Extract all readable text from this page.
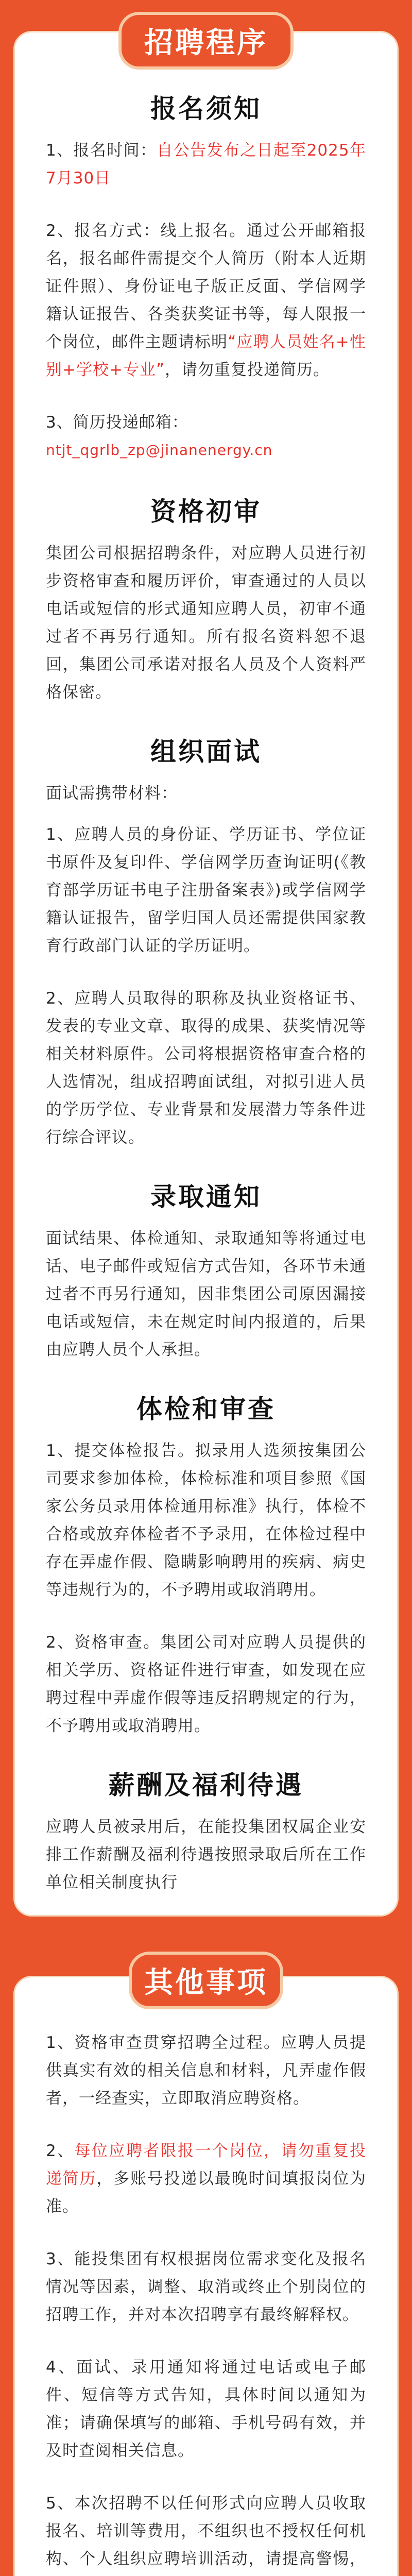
招聘程序
报名须知

1、报名时间：自公告发布之日起至2025年7月30日

2、报名方式：线上报名。通过公开邮箱报名，报名邮件需提交个人简历（附本人近期证件照）、身份证电子版正反面、学信网学籍认证报告、各类获奖证书等，每人限报一个岗位，邮件主题请标明“应聘人员姓名+性别+学校+专业”，请勿重复投递简历。

3、简历投递邮箱：

ntjt_qgrlb_zp@jinanenergy.cn

资格初审

集团公司根据招聘条件，对应聘人员进行初步资格审查和履历评价，审查通过的人员以电话或短信的形式通知应聘人员，初审不通过者不再另行通知。所有报名资料恕不退回，集团公司承诺对报名人员及个人资料严格保密。

组织面试

面试需携带材料：

1、应聘人员的身份证、学历证书、学位证书原件及复印件、学信网学历查询证明(《教育部学历证书电子注册备案表》)或学信网学籍认证报告，留学归国人员还需提供国家教育行政部门认证的学历证明。

2、应聘人员取得的职称及执业资格证书、发表的专业文章、取得的成果、获奖情况等相关材料原件。公司将根据资格审查合格的人选情况，组成招聘面试组，对拟引进人员的学历学位、专业背景和发展潜力等条件进行综合评议。

录取通知

面试结果、体检通知、录取通知等将通过电话、电子邮件或短信方式告知，各环节未通过者不再另行通知，因非集团公司原因漏接电话或短信，未在规定时间内报道的，后果由应聘人员个人承担。

体检和审查

1、提交体检报告。拟录用人选须按集团公司要求参加体检，体检标准和项目参照《国家公务员录用体检通用标准》执行，体检不合格或放弃体检者不予录用，在体检过程中存在弄虚作假、隐瞒影响聘用的疾病、病史等违规行为的，不予聘用或取消聘用。

2、资格审查。集团公司对应聘人员提供的相关学历、资格证件进行审查，如发现在应聘过程中弄虚作假等违反招聘规定的行为，不予聘用或取消聘用。

薪酬及福利待遇

应聘人员被录用后，在能投集团权属企业安排工作薪酬及福利待遇按照录取后所在工作单位相关制度执行

其他事项

1、资格审查贯穿招聘全过程。应聘人员提供真实有效的相关信息和材料，凡弄虚作假者，一经查实，立即取消应聘资格。

2、每位应聘者限报一个岗位，请勿重复投递简历，多账号投递以最晚时间填报岗位为准。

3、能投集团有权根据岗位需求变化及报名情况等因素，调整、取消或终止个别岗位的招聘工作，并对本次招聘享有最终解释权。

4、面试、录用通知将通过电话或电子邮件、短信等方式告知，具体时间以通知为准；请确保填写的邮箱、手机号码有效，并及时查阅相关信息。

5、本次招聘不以任何形式向应聘人员收取报名、培训等费用，不组织也不授权任何机构、个人组织应聘培训活动，请提高警惕，
